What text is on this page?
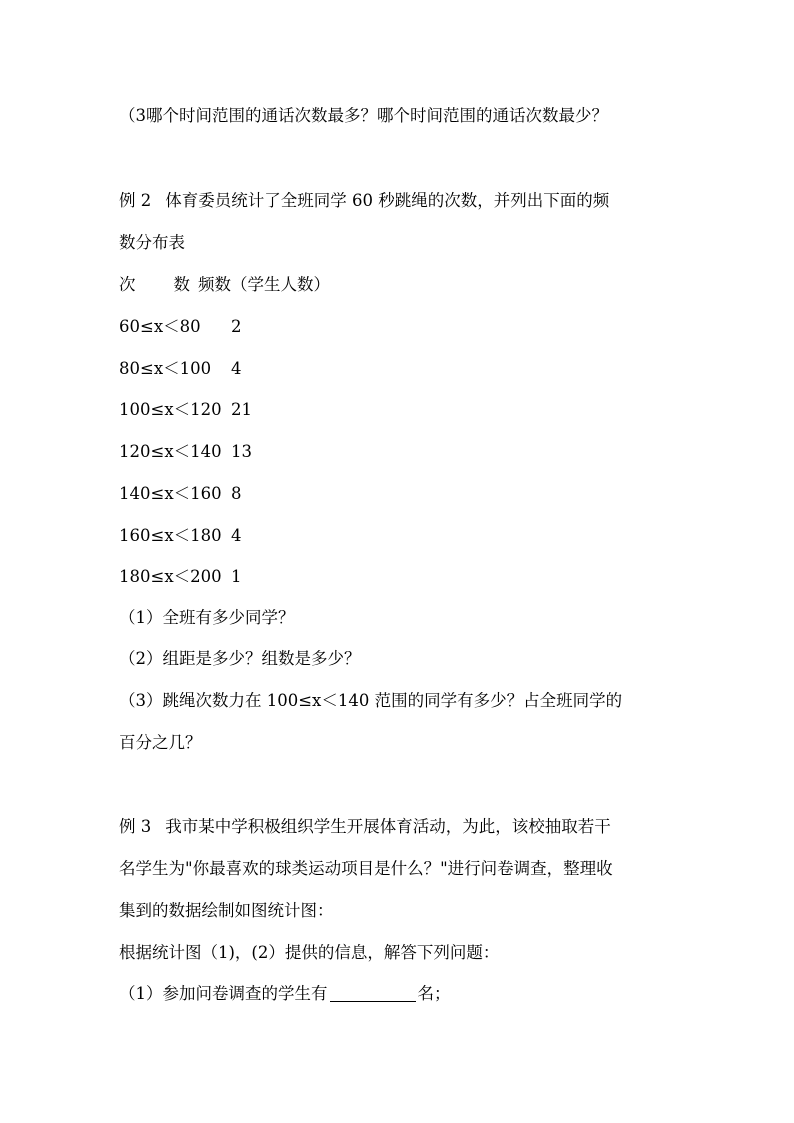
（3哪个时间范围的通话次数最多？哪个时间范围的通话次数最少？
例 2 体育委员统计了全班同学 60 秒跳绳的次数，并列出下面的频
数分布表
次 数 频数（学生人数）
60≤x＜80 2
80≤x＜100 4
100≤x＜120 21
120≤x＜140 13
140≤x＜160 8
160≤x＜180 4
180≤x＜200 1
（1）全班有多少同学？
（2）组距是多少？组数是多少？
（3）跳绳次数力在 100≤x＜140 范围的同学有多少？占全班同学的
百分之几？
例 3 我市某中学积极组织学生开展体育活动，为此，该校抽取若干
名学生为"你最喜欢的球类运动项目是什么？"进行问卷调查，整理收
集到的数据绘制如图统计图：
根据统计图（1)，(2）提供的信息，解答下列问题：
（1）参加问卷调查的学生有	名；
